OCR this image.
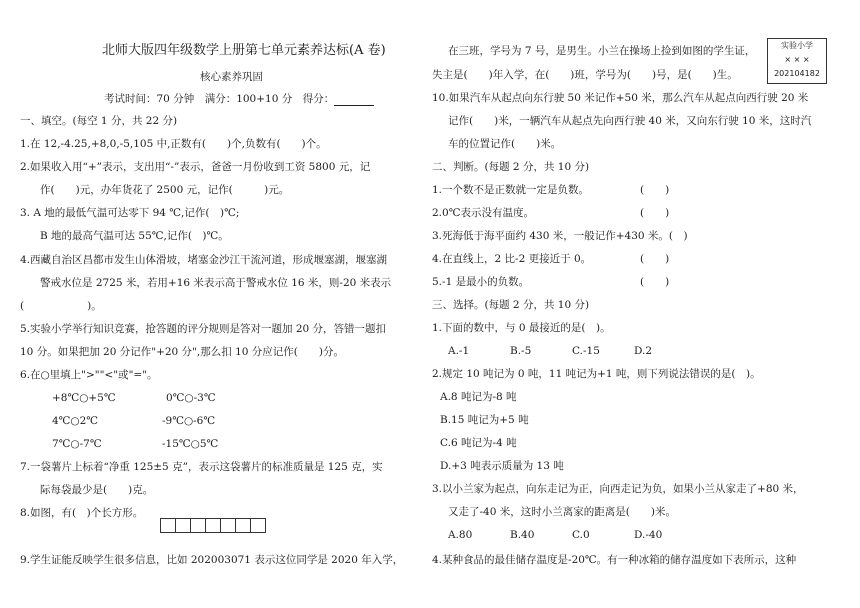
北师大版四年级数学上册第七单元素养达标(A 卷)
核心素养巩固
考试时间：70 分钟　满分：100+10 分　得分：
实验小学
× × ×
202104182
一、填空。(每空 1 分，共 22 分)
1.在 12,-4.25,+8,0,-5,105 中,正数有(　　)个,负数有(　　)个。
2.如果收入用“+”表示，支出用“-”表示，爸爸一月份收到工资 5800 元，记
作(　　)元，办年货花了 2500 元，记作(　　　)元。
3. A 地的最低气温可达零下 94 ℃,记作(　)℃;
B 地的最高气温可达 55℃,记作(　)℃。
4.西藏自治区昌都市发生山体滑坡，堵塞金沙江干流河道，形成堰塞湖，堰塞湖
警戒水位是 2725 米，若用+16 米表示高于警戒水位 16 米，则-20 米表示
(　　　　　　)。
5.实验小学举行知识竞赛，抢答题的评分规则是答对一题加 20 分，答错一题扣
10 分。如果把加 20 分记作"+20 分",那么扣 10 分应记作(　　)分。
6.在○里填上">""<"或"="。
+8℃○+5℃	0℃○-3℃
4℃○2℃	-9℃○-6℃
7℃○-7℃	-15℃○5℃
7.一袋薯片上标着“净重 125±5 克”，表示这袋薯片的标准质量是 125 克，实
际每袋最少是(　　)克。
8.如图，有(　)个长方形。
9.学生证能反映学生很多信息，比如 202003071 表示这位同学是 2020 年入学，
在三班，学号为 7 号，是男生。小兰在操场上捡到如图的学生证，
失主是(　　)年入学，在(　　)班，学号为(　　)号，是(　　)生。
10.如果汽车从起点向东行驶 50 米记作+50 米，那么汽车从起点向西行驶 20 米
记作(　　)米，一辆汽车从起点先向西行驶 40 米，又向东行驶 10 米，这时汽
车的位置记作(　　)米。
二、判断。(每题 2 分，共 10 分)
1.一个数不是正数就一定是负数。	(　　)
2.0℃表示没有温度。	(　　)
3.死海低于海平面约 430 米，一般记作+430 米。(　)
4.在直线上，2 比-2 更接近于 0。	(　　)
5.-1 是最小的负数。	(　　)
三、选择。(每题 2 分，共 10 分)
1.下面的数中，与 0 最接近的是(　)。
A.-1	B.-5	C.-15	D.2
2.规定 10 吨记为 0 吨，11 吨记为+1 吨，则下列说法错误的是(　)。
A.8 吨记为-8 吨
B.15 吨记为+5 吨
C.6 吨记为-4 吨
D.+3 吨表示质量为 13 吨
3.以小兰家为起点，向东走记为正，向西走记为负，如果小兰从家走了+80 米，
又走了-40 米，这时小兰离家的距离是(　　)米。
A.80	B.40	C.0	D.-40
4.某种食品的最佳储存温度是-20℃。有一种冰箱的储存温度如下表所示，这种
